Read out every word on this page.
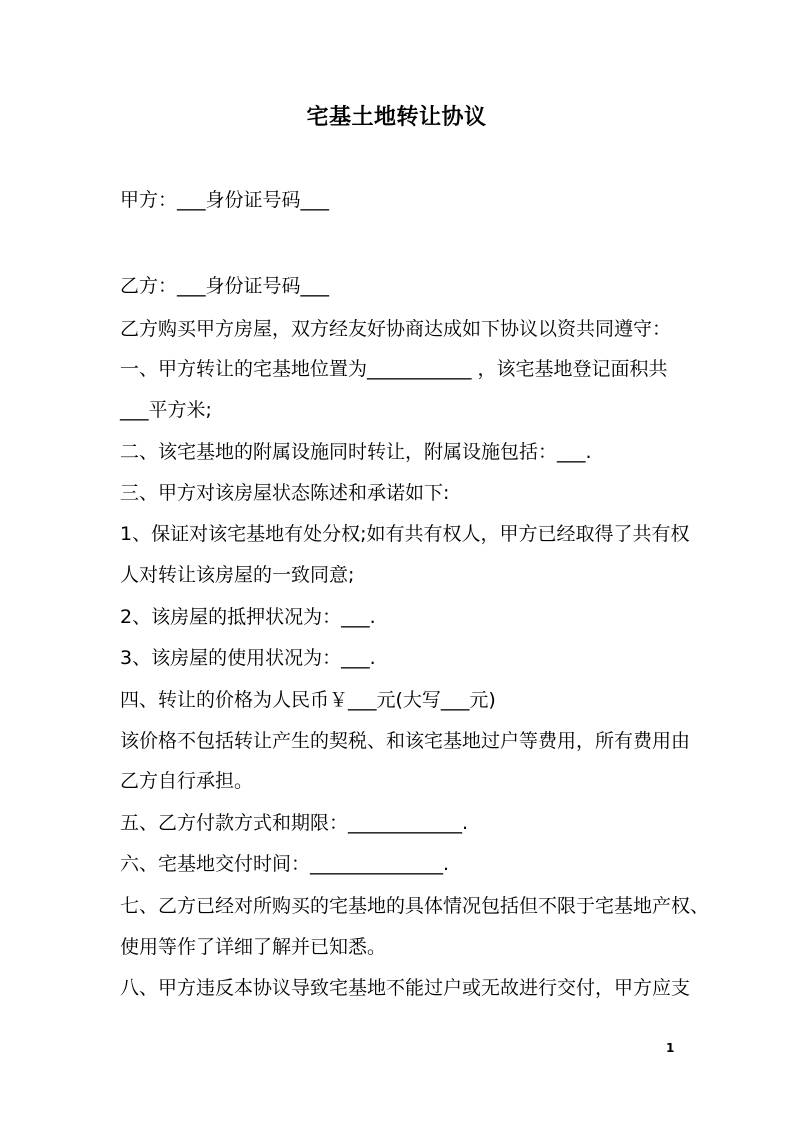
宅基土地转让协议
甲方：___身份证号码___
乙方：___身份证号码___
乙方购买甲方房屋，双方经友好协商达成如下协议以资共同遵守：
一、甲方转让的宅基地位置为___________ ，该宅基地登记面积共
___平方米;
二、该宅基地的附属设施同时转让，附属设施包括：___.
三、甲方对该房屋状态陈述和承诺如下:
1、保证对该宅基地有处分权;如有共有权人，甲方已经取得了共有权
人对转让该房屋的一致同意;
2、该房屋的抵押状况为：___.
3、该房屋的使用状况为：___.
四、转让的价格为人民币￥___元(大写___元)
该价格不包括转让产生的契税、和该宅基地过户等费用，所有费用由
乙方自行承担。
五、乙方付款方式和期限：____________.
六、宅基地交付时间：______________.
七、乙方已经对所购买的宅基地的具体情况包括但不限于宅基地产权、
使用等作了详细了解并已知悉。
八、甲方违反本协议导致宅基地不能过户或无故进行交付，甲方应支
1
